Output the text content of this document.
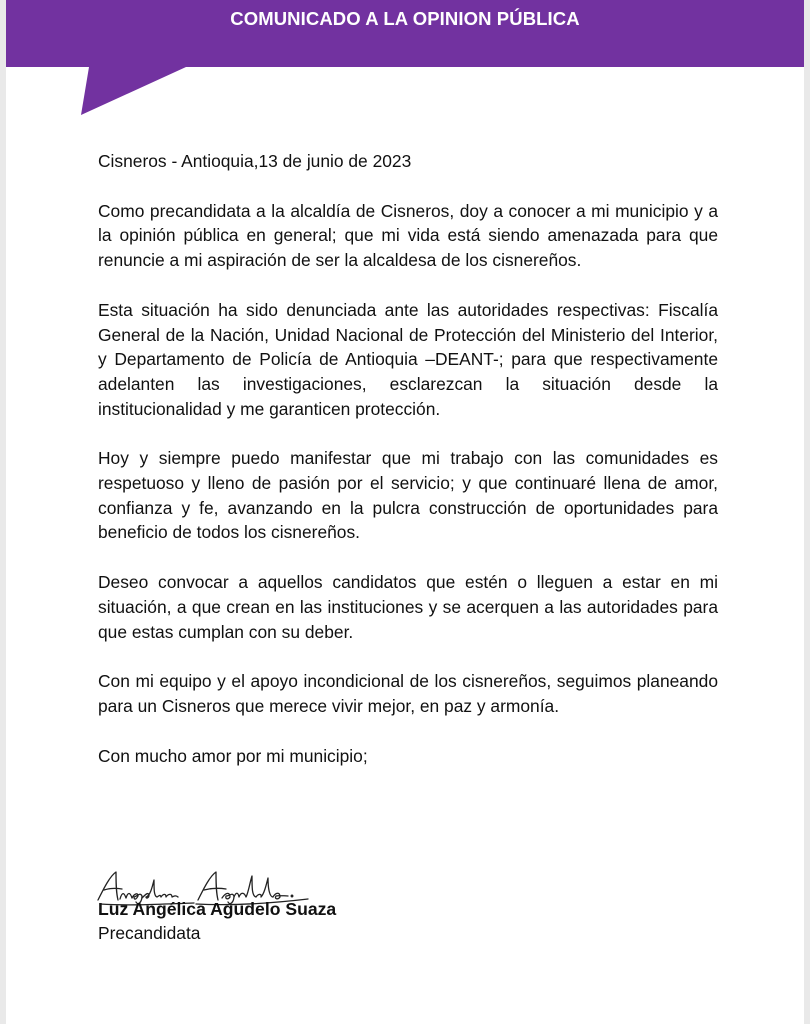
COMUNICADO A LA OPINION PÚBLICA

Cisneros - Antioquia,13 de junio de 2023

Como precandidata a la alcaldía de Cisneros, doy a conocer a mi municipio y a la opinión pública en general; que mi vida está siendo amenazada para que renuncie a mi aspiración de ser la alcaldesa de los cisnereños.

Esta situación ha sido denunciada ante las autoridades respectivas: Fiscalía General de la Nación, Unidad Nacional de Protección del Ministerio del Interior, y Departamento de Policía de Antioquia –DEANT-; para que respectivamente adelanten las investigaciones, esclarezcan la situación desde la institucionalidad y me garanticen protección.

Hoy y siempre puedo manifestar que mi trabajo con las comunidades es respetuoso y lleno de pasión por el servicio; y que continuaré llena de amor, confianza y fe, avanzando en la pulcra construcción de oportunidades para beneficio de todos los cisnereños.

Deseo convocar a aquellos candidatos que estén o lleguen a estar en mi situación, a que crean en las instituciones y se acerquen a las autoridades para que estas cumplan con su deber.

Con mi equipo y el apoyo incondicional de los cisnereños, seguimos planeando para un Cisneros que merece vivir mejor, en paz y armonía.

Con mucho amor por mi municipio;

Luz Angélica Agudelo Suaza
Precandidata
